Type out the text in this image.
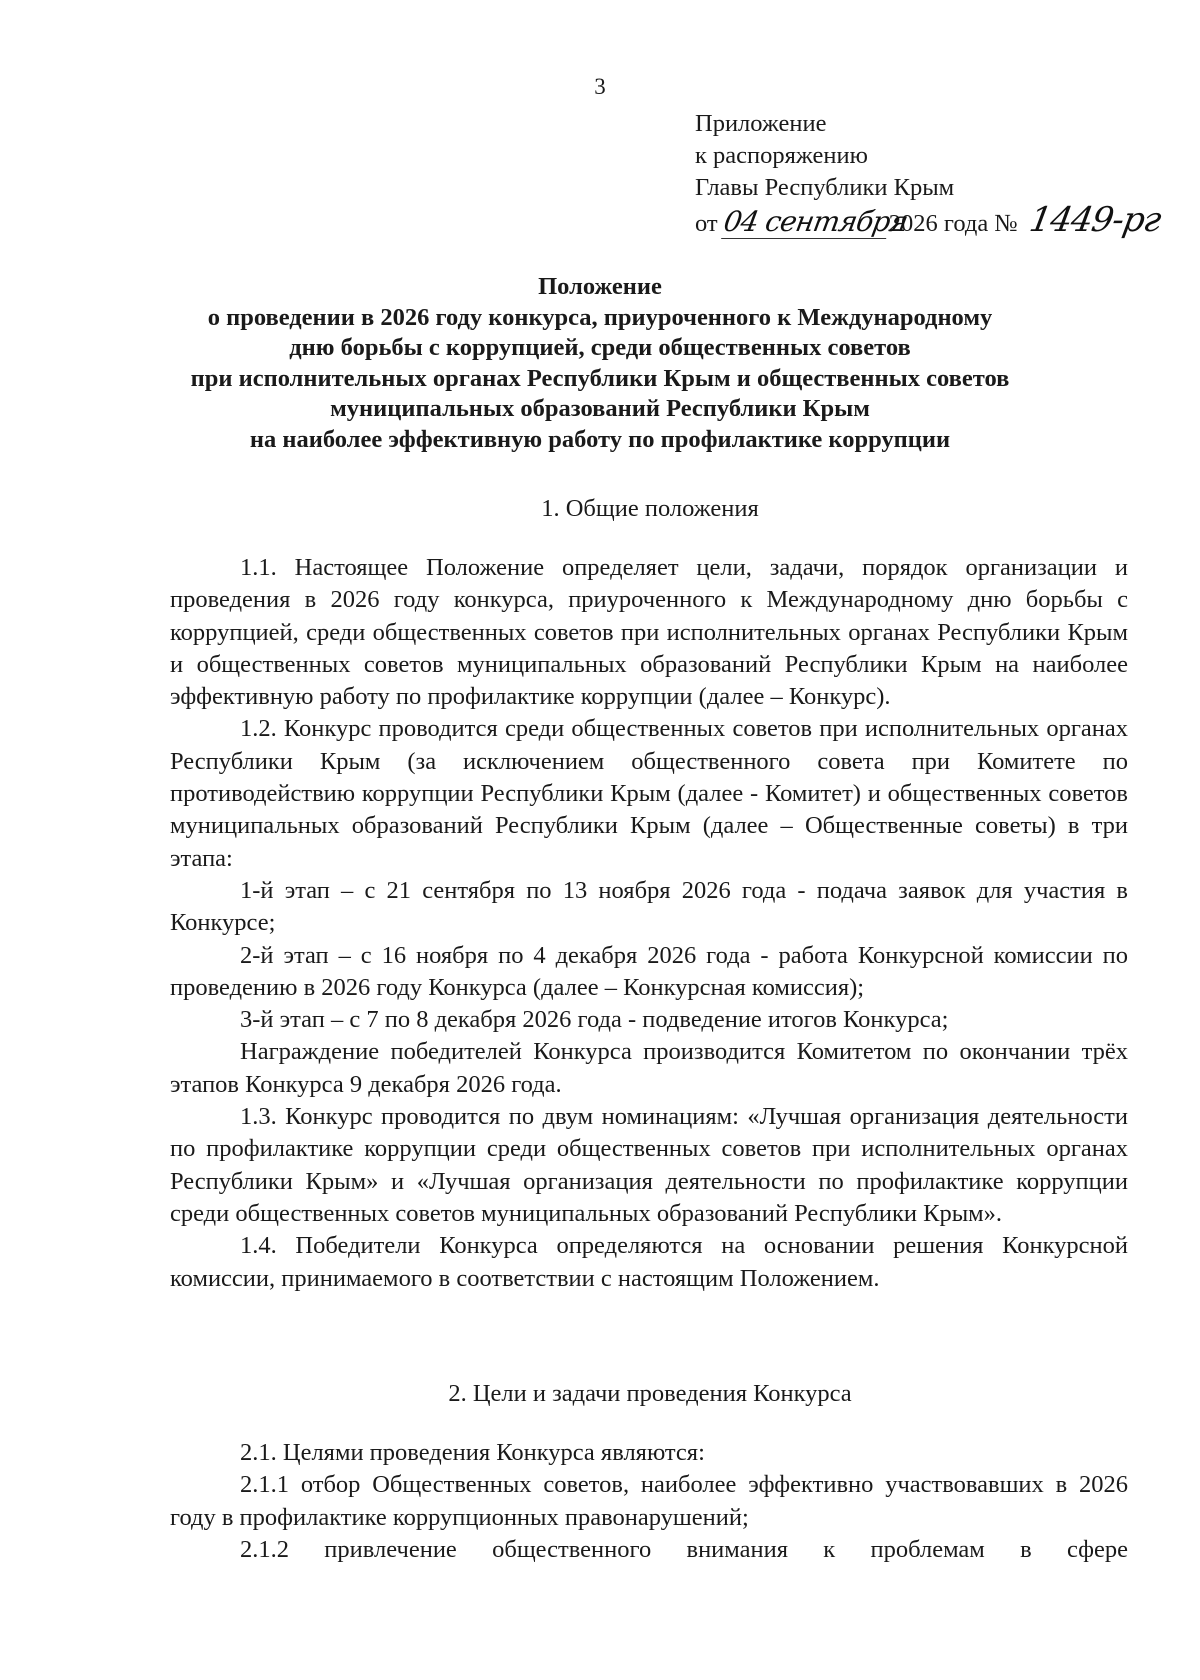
3
Приложение
к распоряжению
Главы Республики Крым
от 04 сентября2026 года № 1449-рг
Положение
о проведении в 2026 году конкурса, приуроченного к Международному
дню борьбы с коррупцией, среди общественных советов
при исполнительных органах Республики Крым и общественных советов
муниципальных образований Республики Крым
на наиболее эффективную работу по профилактике коррупции
1. Общие положения

1.1. Настоящее Положение определяет цели, задачи, порядок организации и проведения в 2026 году конкурса, приуроченного к Международному дню борьбы с коррупцией, среди общественных советов при исполнительных органах Республики Крым и общественных советов муниципальных образований Республики Крым на наиболее эффективную работу по профилактике коррупции (далее – Конкурс).

1.2. Конкурс проводится среди общественных советов при исполнительных органах Республики Крым (за исключением общественного совета при Комитете по противодействию коррупции Республики Крым (далее - Комитет) и общественных советов муниципальных образований Республики Крым (далее – Общественные советы) в три этапа:

1-й этап – с 21 сентября по 13 ноября 2026 года - подача заявок для участия в Конкурсе;

2-й этап – с 16 ноября по 4 декабря 2026 года - работа Конкурсной комиссии по проведению в 2026 году Конкурса (далее – Конкурсная комиссия);

3-й этап – с 7 по 8 декабря 2026 года - подведение итогов Конкурса;

Награждение победителей Конкурса производится Комитетом по окончании трёх этапов Конкурса 9 декабря 2026 года.

1.3. Конкурс проводится по двум номинациям: «Лучшая организация деятельности по профилактике коррупции среди общественных советов при исполнительных органах Республики Крым» и «Лучшая организация деятельности по профилактике коррупции среди общественных советов муниципальных образований Республики Крым».

1.4. Победители Конкурса определяются на основании решения Конкурсной комиссии, принимаемого в соответствии с настоящим Положением.

2. Цели и задачи проведения Конкурса

2.1. Целями проведения Конкурса являются:

2.1.1 отбор Общественных советов, наиболее эффективно участвовавших в 2026 году в профилактике коррупционных правонарушений;

2.1.2 привлечение общественного внимания к проблемам в сфере
